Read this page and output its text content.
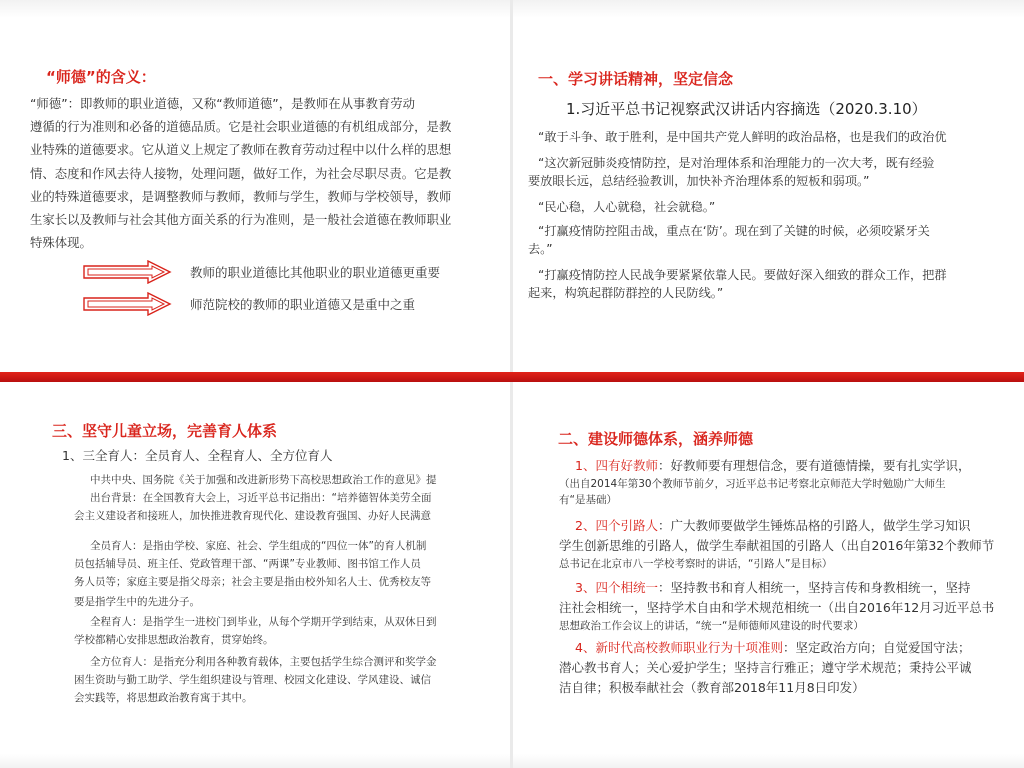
“师德”的含义：
“师德”：即教师的职业道德，又称“教师道德”，是教师在从事教育劳动
遵循的行为准则和必备的道德品质。它是社会职业道德的有机组成部分，是教
业特殊的道德要求。它从道义上规定了教师在教育劳动过程中以什么样的思想
情、态度和作风去待人接物，处理问题，做好工作，为社会尽职尽责。它是教
业的特殊道德要求，是调整教师与教师，教师与学生，教师与学校领导，教师
生家长以及教师与社会其他方面关系的行为准则，是一般社会道德在教师职业
特殊体现。
教师的职业道德比其他职业的职业道德更重要
师范院校的教师的职业道德又是重中之重
一、学习讲话精神，坚定信念
1.习近平总书记视察武汉讲话内容摘选（2020.3.10）
“敢于斗争、敢于胜利，是中国共产党人鲜明的政治品格，也是我们的政治优
“这次新冠肺炎疫情防控，是对治理体系和治理能力的一次大考，既有经验
要放眼长远，总结经验教训，加快补齐治理体系的短板和弱项。”
“民心稳，人心就稳，社会就稳。”
“打赢疫情防控阻击战，重点在‘防’。现在到了关键的时候，必须咬紧牙关
去。”
“打赢疫情防控人民战争要紧紧依靠人民。要做好深入细致的群众工作，把群
起来，构筑起群防群控的人民防线。”
三、坚守儿童立场，完善育人体系
1、三全育人：全员育人、全程育人、全方位育人
中共中央、国务院《关于加强和改进新形势下高校思想政治工作的意见》提
出台背景：在全国教育大会上，习近平总书记指出：“培养德智体美劳全面
会主义建设者和接班人，加快推进教育现代化、建设教育强国、办好人民满意
全员育人：是指由学校、家庭、社会、学生组成的“四位一体”的育人机制
员包括辅导员、班主任、党政管理干部、“两课”专业教师、图书馆工作人员
务人员等；家庭主要是指父母亲；社会主要是指由校外知名人士、优秀校友等
要是指学生中的先进分子。
全程育人：是指学生一进校门到毕业，从每个学期开学到结束，从双休日到
学校都精心安排思想政治教育，贯穿始终。
全方位育人：是指充分利用各种教育载体，主要包括学生综合测评和奖学金
困生资助与勤工助学、学生组织建设与管理、校园文化建设、学风建设、诚信
会实践等，将思想政治教育寓于其中。
二、建设师德体系，涵养师德
1、四有好教师：好教师要有理想信念，要有道德情操，要有扎实学识，
（出自2014年第30个教师节前夕，习近平总书记考察北京师范大学时勉励广大师生
有“是基础）
2、四个引路人：广大教师要做学生锤炼品格的引路人，做学生学习知识
学生创新思维的引路人，做学生奉献祖国的引路人（出自2016年第32个教师节
总书记在北京市八一学校考察时的讲话，“引路人”是目标）
3、四个相统一：坚持教书和育人相统一，坚持言传和身教相统一，坚持
注社会相统一，坚持学术自由和学术规范相统一（出自2016年12月习近平总书
思想政治工作会议上的讲话，“统一“是师德师风建设的时代要求）
4、新时代高校教师职业行为十项准则：坚定政治方向；自觉爱国守法；
潜心教书育人；关心爱护学生；坚持言行雅正；遵守学术规范；秉持公平诚
洁自律；积极奉献社会（教育部2018年11月8日印发）
